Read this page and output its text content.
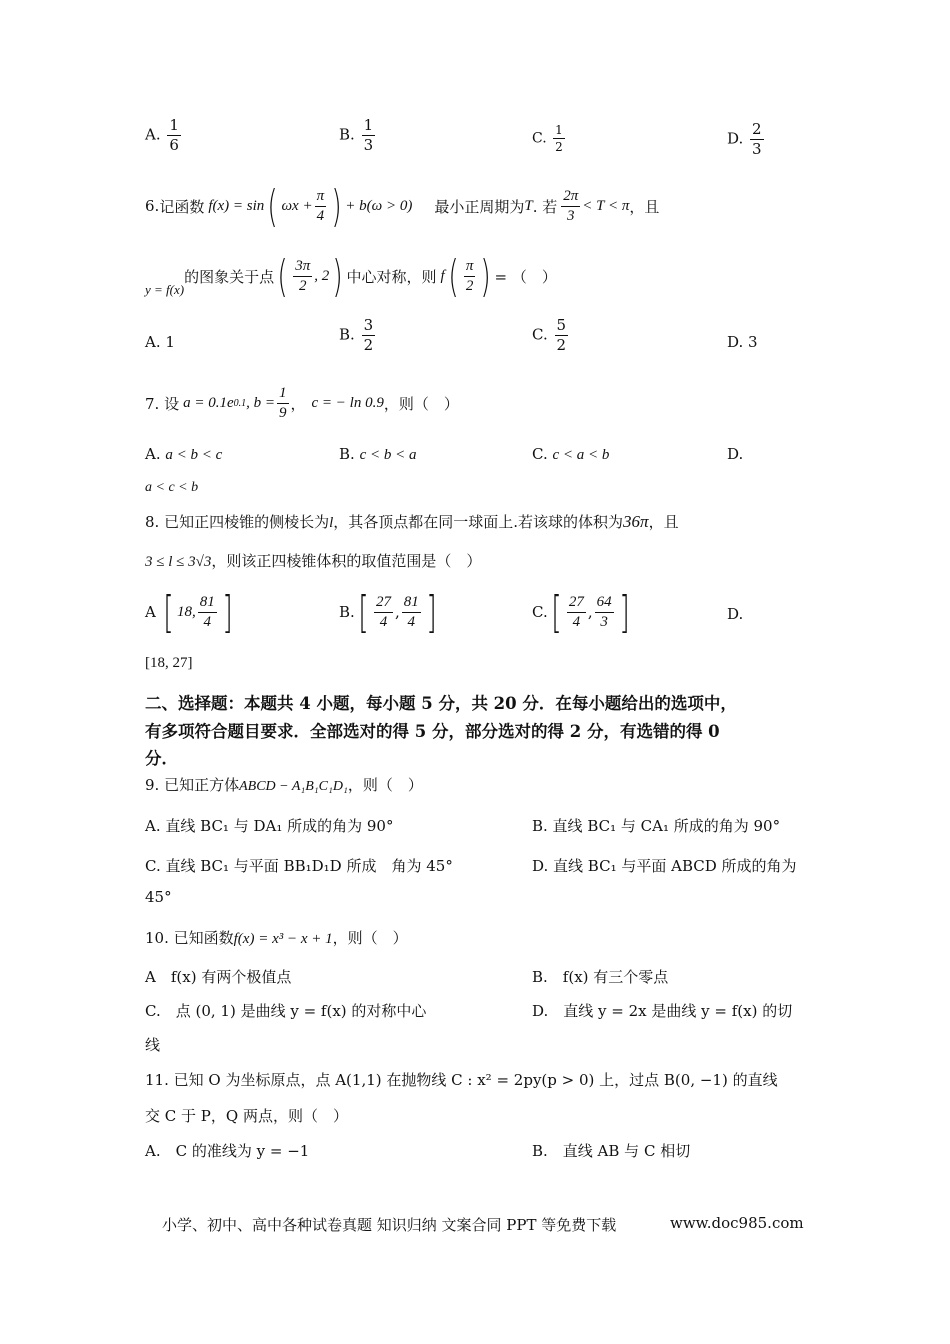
A. $\frac{1}{6}$	B. $\frac{1}{3}$	C. $\frac{1}{2}$	D. $\frac{2}{3}$
6. 记函数 f(x) = sin ( $\omega x + \frac{\pi}{4}$ ) + b(ω > 0) 最小正周期为 T . 若 $\frac{2\pi}{3} < T < \pi$ ，且
y = f(x)
的图象关于点 ( $\frac{3\pi}{2}$ , 2 ) 中心对称，则 f ( $\frac{\pi}{2}$ ) = （　）
A. 1	B. $\frac{3}{2}$	C. $\frac{5}{2}$	D. 3
7. 设 a = 0.1e 0.1 , $b = \frac{1}{9}$ ， c = − ln 0.9 ，则（　）
A. a < b < c	B. c < b < a	C. c < a < b	D.
a < c < b
8. 已知正四棱锥的侧棱长为l，其各顶点都在同一球面上.若该球的体积为36π，且
3 ≤ l ≤ 3√3，则该正四棱锥体积的取值范围是（　）
A [ 18, $\frac{81}{4}$ ]	B. [ $\frac{27}{4}$ , $\frac{81}{4}$ ]	C. [ $\frac{27}{4}$ , $\frac{64}{3}$ ]	D.
[18, 27]
二、选择题：本题共 4 小题，每小题 5 分，共 20 分．在每小题给出的选项中，
有多项符合题目要求．全部选对的得 5 分，部分选对的得 2 分，有选错的得 0
分．
9. 已知正方体ABCD − A₁B₁C₁D₁，则（　）
A. 直线 BC₁ 与 DA₁ 所成的角为 90°	B. 直线 BC₁ 与 CA₁ 所成的角为 90°
C. 直线 BC₁ 与平面 BB₁D₁D 所成　角为 45°	D. 直线 BC₁ 与平面 ABCD 所成的角为
45°
10. 已知函数f(x) = x³ − x + 1，则（　）
A　f(x) 有两个极值点	B.　f(x) 有三个零点
C.　点 (0, 1) 是曲线 y = f(x) 的对称中心	D.　直线 y = 2x 是曲线 y = f(x) 的切
线
11. 已知 O 为坐标原点，点 A(1,1) 在抛物线 C : x² = 2py(p > 0) 上，过点 B(0, −1) 的直线
交 C 于 P，Q 两点，则（　）
A.　C 的准线为 y = −1	B.　直线 AB 与 C 相切
小学、初中、高中各种试卷真题 知识归纳 文案合同 PPT 等免费下载	www.doc985.com
